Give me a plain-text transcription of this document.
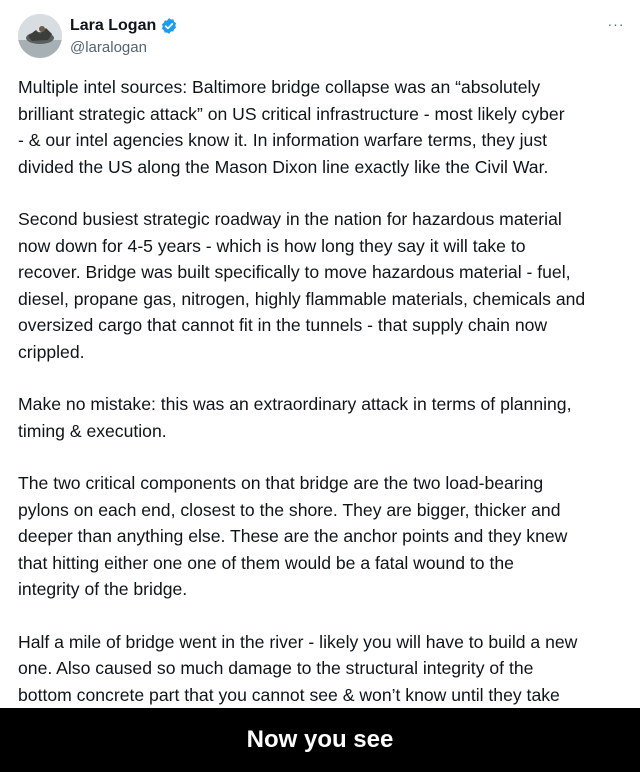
Lara Logan
@laralogan
···

Multiple intel sources: Baltimore bridge collapse was an “absolutely
brilliant strategic attack” on US critical infrastructure - most likely cyber
- & our intel agencies know it. In information warfare terms, they just
divided the US along the Mason Dixon line exactly like the Civil War.

Second busiest strategic roadway in the nation for hazardous material
now down for 4-5 years - which is how long they say it will take to
recover. Bridge was built specifically to move hazardous material - fuel,
diesel, propane gas, nitrogen, highly flammable materials, chemicals and
oversized cargo that cannot fit in the tunnels - that supply chain now
crippled.

Make no mistake: this was an extraordinary attack in terms of planning,
timing & execution.

The two critical components on that bridge are the two load-bearing
pylons on each end, closest to the shore. They are bigger, thicker and
deeper than anything else. These are the anchor points and they knew
that hitting either one one of them would be a fatal wound to the
integrity of the bridge.

Half a mile of bridge went in the river - likely you will have to build a new
one. Also caused so much damage to the structural integrity of the
bottom concrete part that you cannot see & won’t know until they take

Now you see
